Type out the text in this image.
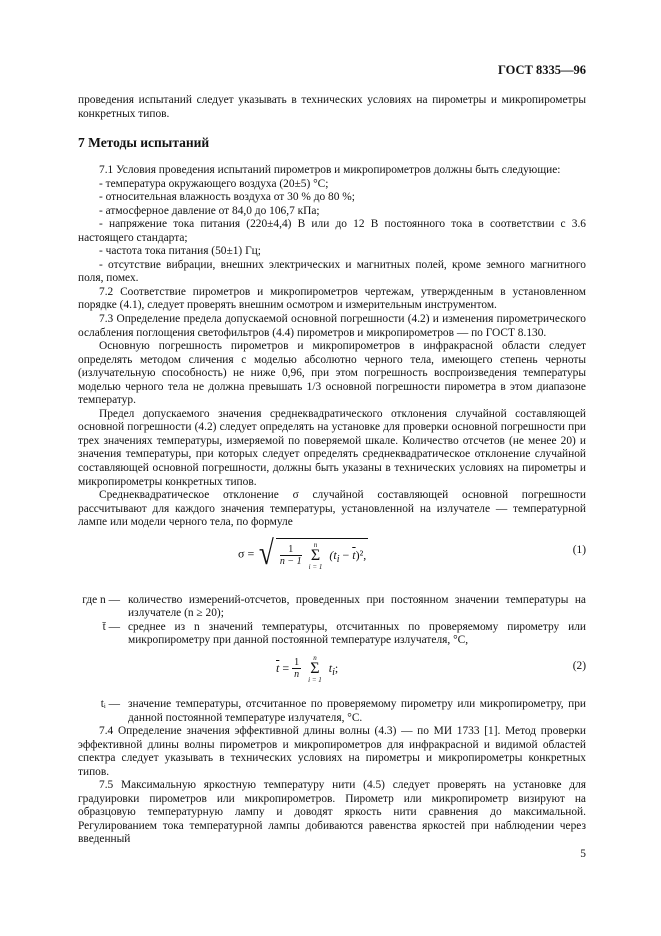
ГОСТ 8335—96

проведения испытаний следует указывать в технических условиях на пирометры и микропирометры конкретных типов.

7 Методы испытаний

7.1 Условия проведения испытаний пирометров и микропирометров должны быть следующие:

- температура окружающего воздуха (20±5) °С;

- относительная влажность воздуха от 30 % до 80 %;

- атмосферное давление от 84,0 до 106,7 кПа;

- напряжение тока питания (220±4,4) В или до 12 В постоянного тока в соответствии с 3.6 настоящего стандарта;

- частота тока питания (50±1) Гц;

- отсутствие вибрации, внешних электрических и магнитных полей, кроме земного магнитного поля, помех.

7.2 Соответствие пирометров и микропирометров чертежам, утвержденным в установленном порядке (4.1), следует проверять внешним осмотром и измерительным инструментом.

7.3 Определение предела допускаемой основной погрешности (4.2) и изменения пирометрического ослабления поглощения светофильтров (4.4) пирометров и микропирометров — по ГОСТ 8.130.

Основную погрешность пирометров и микропирометров в инфракрасной области следует определять методом сличения с моделью абсолютно черного тела, имеющего степень черноты (излучательную способность) не ниже 0,96, при этом погрешность воспроизведения температуры моделью черного тела не должна превышать 1/3 основной погрешности пирометра в этом диапазоне температур.

Предел допускаемого значения среднеквадратического отклонения случайной составляющей основной погрешности (4.2) следует определять на установке для проверки основной погрешности при трех значениях температуры, измеряемой по поверяемой шкале. Количество отсчетов (не менее 20) и значения температуры, при которых следует определять среднеквадратическое отклонение случайной составляющей основной погрешности, должны быть указаны в технических условиях на пирометры и микропирометры конкретных типов.

Среднеквадратическое отклонение σ случайной составляющей основной погрешности рассчитывают для каждого значения температуры, установленной на излучателе — температурной лампе или модели черного тела, по формуле

σ = √ $\frac{1}{n - 1}$ n
Σ
i = 1 $(t_i - \overline{t})^2$,	(1)
где n — количество измерений-отсчетов, проведенных при постоянном значении температуры на излучателе (n ≥ 20);
t̄ — среднее из n значений температуры, отсчитанных по проверяемому пирометру или микропирометру при данной постоянной температуре излучателя, °С,
$\overline{t} = \frac{1}{n}$ n
Σ
i = 1 $t_i$;	(2)
tᵢ — значение температуры, отсчитанное по проверяемому пирометру или микропирометру, при данной постоянной температуре излучателя, °С.

7.4 Определение значения эффективной длины волны (4.3) — по МИ 1733 [1]. Метод проверки эффективной длины волны пирометров и микропирометров для инфракрасной и видимой областей спектра следует указывать в технических условиях на пирометры и микропирометры конкретных типов.

7.5 Максимальную яркостную температуру нити (4.5) следует проверять на установке для градуировки пирометров или микропирометров. Пирометр или микропирометр визируют на образцовую температурную лампу и доводят яркость нити сравнения до максимальной. Регулированием тока температурной лампы добиваются равенства яркостей при наблюдении через введенный

5
